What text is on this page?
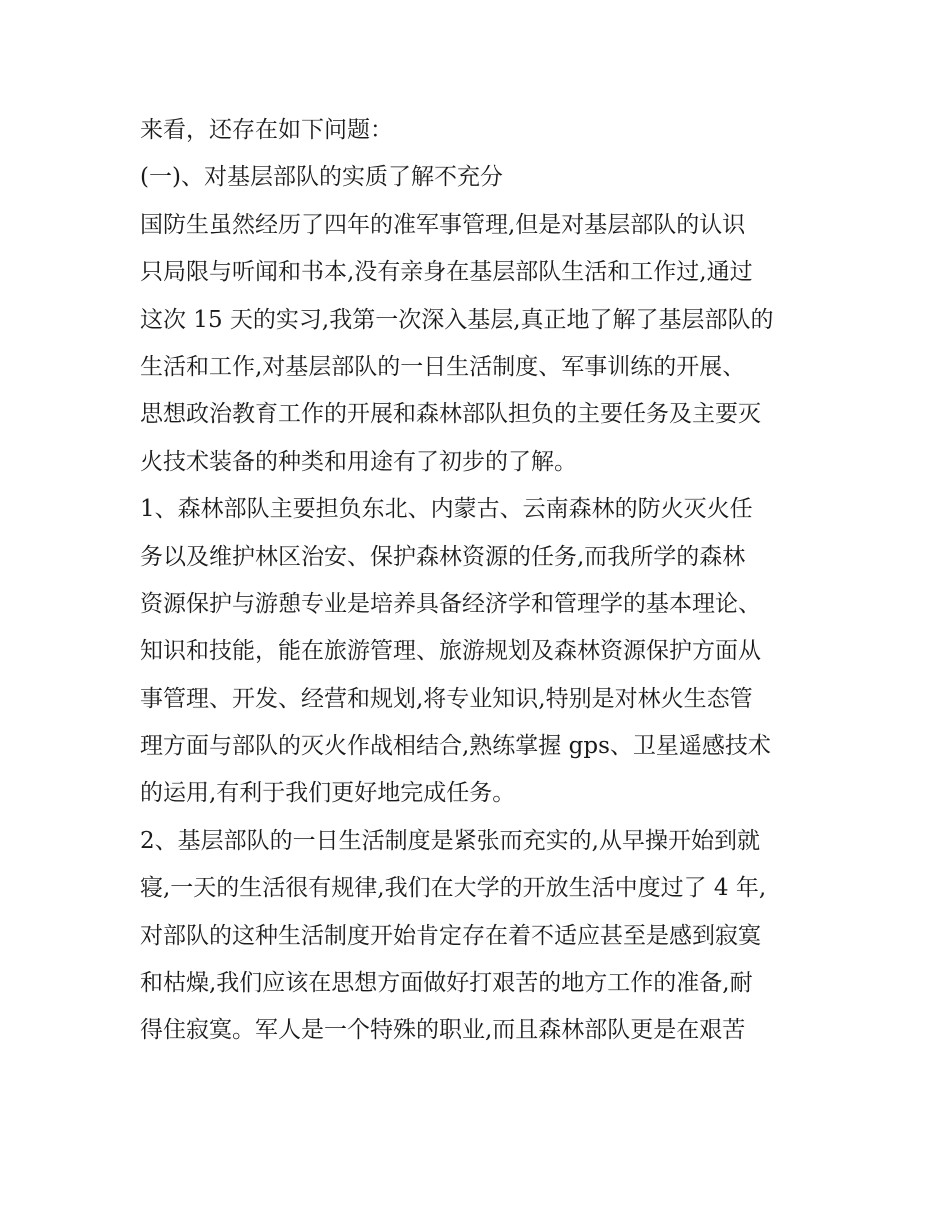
来看，还存在如下问题：
(一)、对基层部队的实质了解不充分
国防生虽然经历了四年的准军事管理,但是对基层部队的认识
只局限与听闻和书本,没有亲身在基层部队生活和工作过,通过
这次 15 天的实习,我第一次深入基层,真正地了解了基层部队的
生活和工作,对基层部队的一日生活制度、军事训练的开展、
思想政治教育工作的开展和森林部队担负的主要任务及主要灭
火技术装备的种类和用途有了初步的了解。
1、森林部队主要担负东北、内蒙古、云南森林的防火灭火任
务以及维护林区治安、保护森林资源的任务,而我所学的森林
资源保护与游憩专业是培养具备经济学和管理学的基本理论、
知识和技能，能在旅游管理、旅游规划及森林资源保护方面从
事管理、开发、经营和规划,将专业知识,特别是对林火生态管
理方面与部队的灭火作战相结合,熟练掌握 gps、卫星遥感技术
的运用,有利于我们更好地完成任务。
2、基层部队的一日生活制度是紧张而充实的,从早操开始到就
寝,一天的生活很有规律,我们在大学的开放生活中度过了 4 年,
对部队的这种生活制度开始肯定存在着不适应甚至是感到寂寞
和枯燥,我们应该在思想方面做好打艰苦的地方工作的准备,耐
得住寂寞。军人是一个特殊的职业,而且森林部队更是在艰苦
